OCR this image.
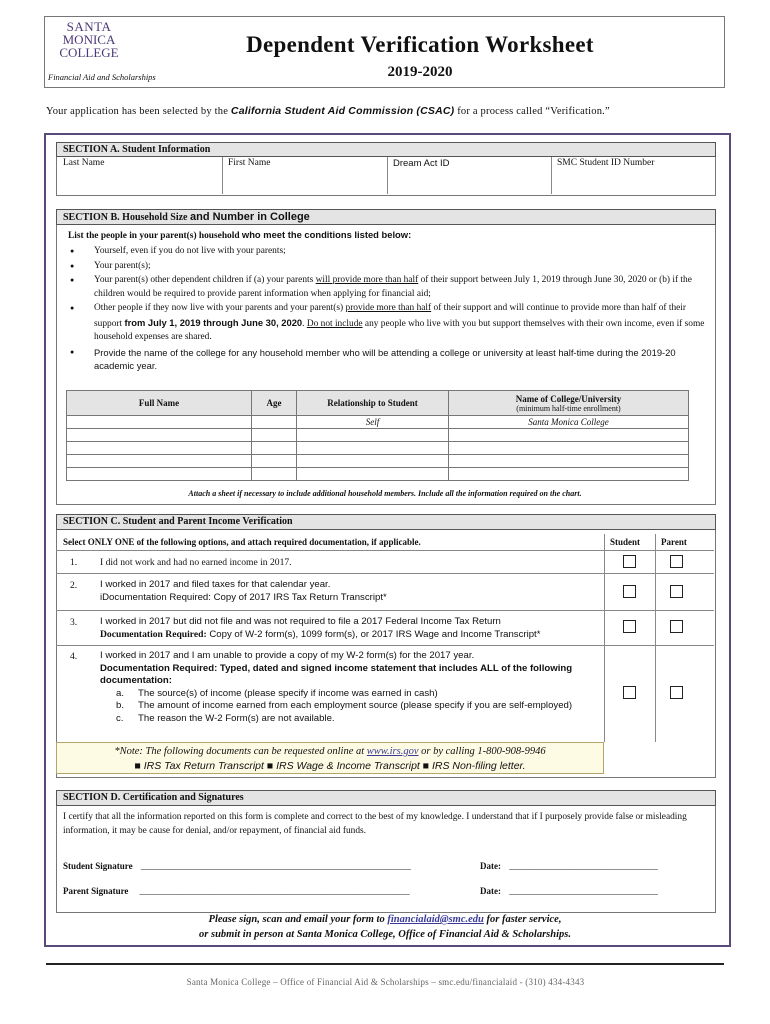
SANTA
MONICA
COLLEGE
Financial Aid and Scholarships
Dependent Verification Worksheet
2019-2020
Your application has been selected by the California Student Aid Commission (CSAC) for a process called “Verification.”
SECTION A. Student Information
Last Name	First Name	Dream Act ID	SMC Student ID Number
SECTION B. Household Size and Number in College
List the people in your parent(s) household who meet the conditions listed below:
● Yourself, even if you do not live with your parents;
● Your parent(s);
● Your parent(s) other dependent children if (a) your parents will provide more than half of their support between July 1, 2019 through June 30, 2020 or (b) if the children would be required to provide parent information when applying for financial aid;
● Other people if they now live with your parents and your parent(s) provide more than half of their support and will continue to provide more than half of their support from July 1, 2019 through June 30, 2020. Do not include any people who live with you but support themselves with their own income, even if some household expenses are shared.
● Provide the name of the college for any household member who will be attending a college or university at least half-time during the 2019-20 academic year.
Full Name	Age	Relationship to Student	Name of College/University
(minimum half-time enrollment)

		Self	Santa Monica College

Attach a sheet if necessary to include additional household members. Include all the information required on the chart.
SECTION C. Student and Parent Income Verification
Select ONLY ONE of the following options, and attach required documentation, if applicable.	Student Parent
1. I did not work and had no earned income in 2017.
2. I worked in 2017 and filed taxes for that calendar year.
iDocumentation Required: Copy of 2017 IRS Tax Return Transcript*
3. I worked in 2017 but did not file and was not required to file a 2017 Federal Income Tax Return
Documentation Required: Copy of W-2 form(s), 1099 form(s), or 2017 IRS Wage and Income Transcript*
4. I worked in 2017 and I am unable to provide a copy of my W-2 form(s) for the 2017 year.
Documentation Required: Typed, dated and signed income statement that includes ALL of the following documentation:
a. The source(s) of income (please specify if income was earned in cash)
b. The amount of income earned from each employment source (please specify if you are self-employed)
c. The reason the W-2 Form(s) are not available.
*Note: The following documents can be requested online at www.irs.gov or by calling 1-800-908-9946
■ IRS Tax Return Transcript ■ IRS Wage & Income Transcript ■ IRS Non-filing letter.
SECTION D. Certification and Signatures
I certify that all the information reported on this form is complete and correct to the best of my knowledge. I understand that if I purposely provide false or misleading information, it may be cause for denial, and/or repayment, of financial aid funds.
Student Signature ____________________________________________________________	Date: _________________________________
Parent Signature ____________________________________________________________	Date: _________________________________
Please sign, scan and email your form to financialaid@smc.edu for faster service,
or submit in person at Santa Monica College, Office of Financial Aid & Scholarships.
Santa Monica College – Office of Financial Aid & Scholarships – smc.edu/financialaid - (310) 434-4343
